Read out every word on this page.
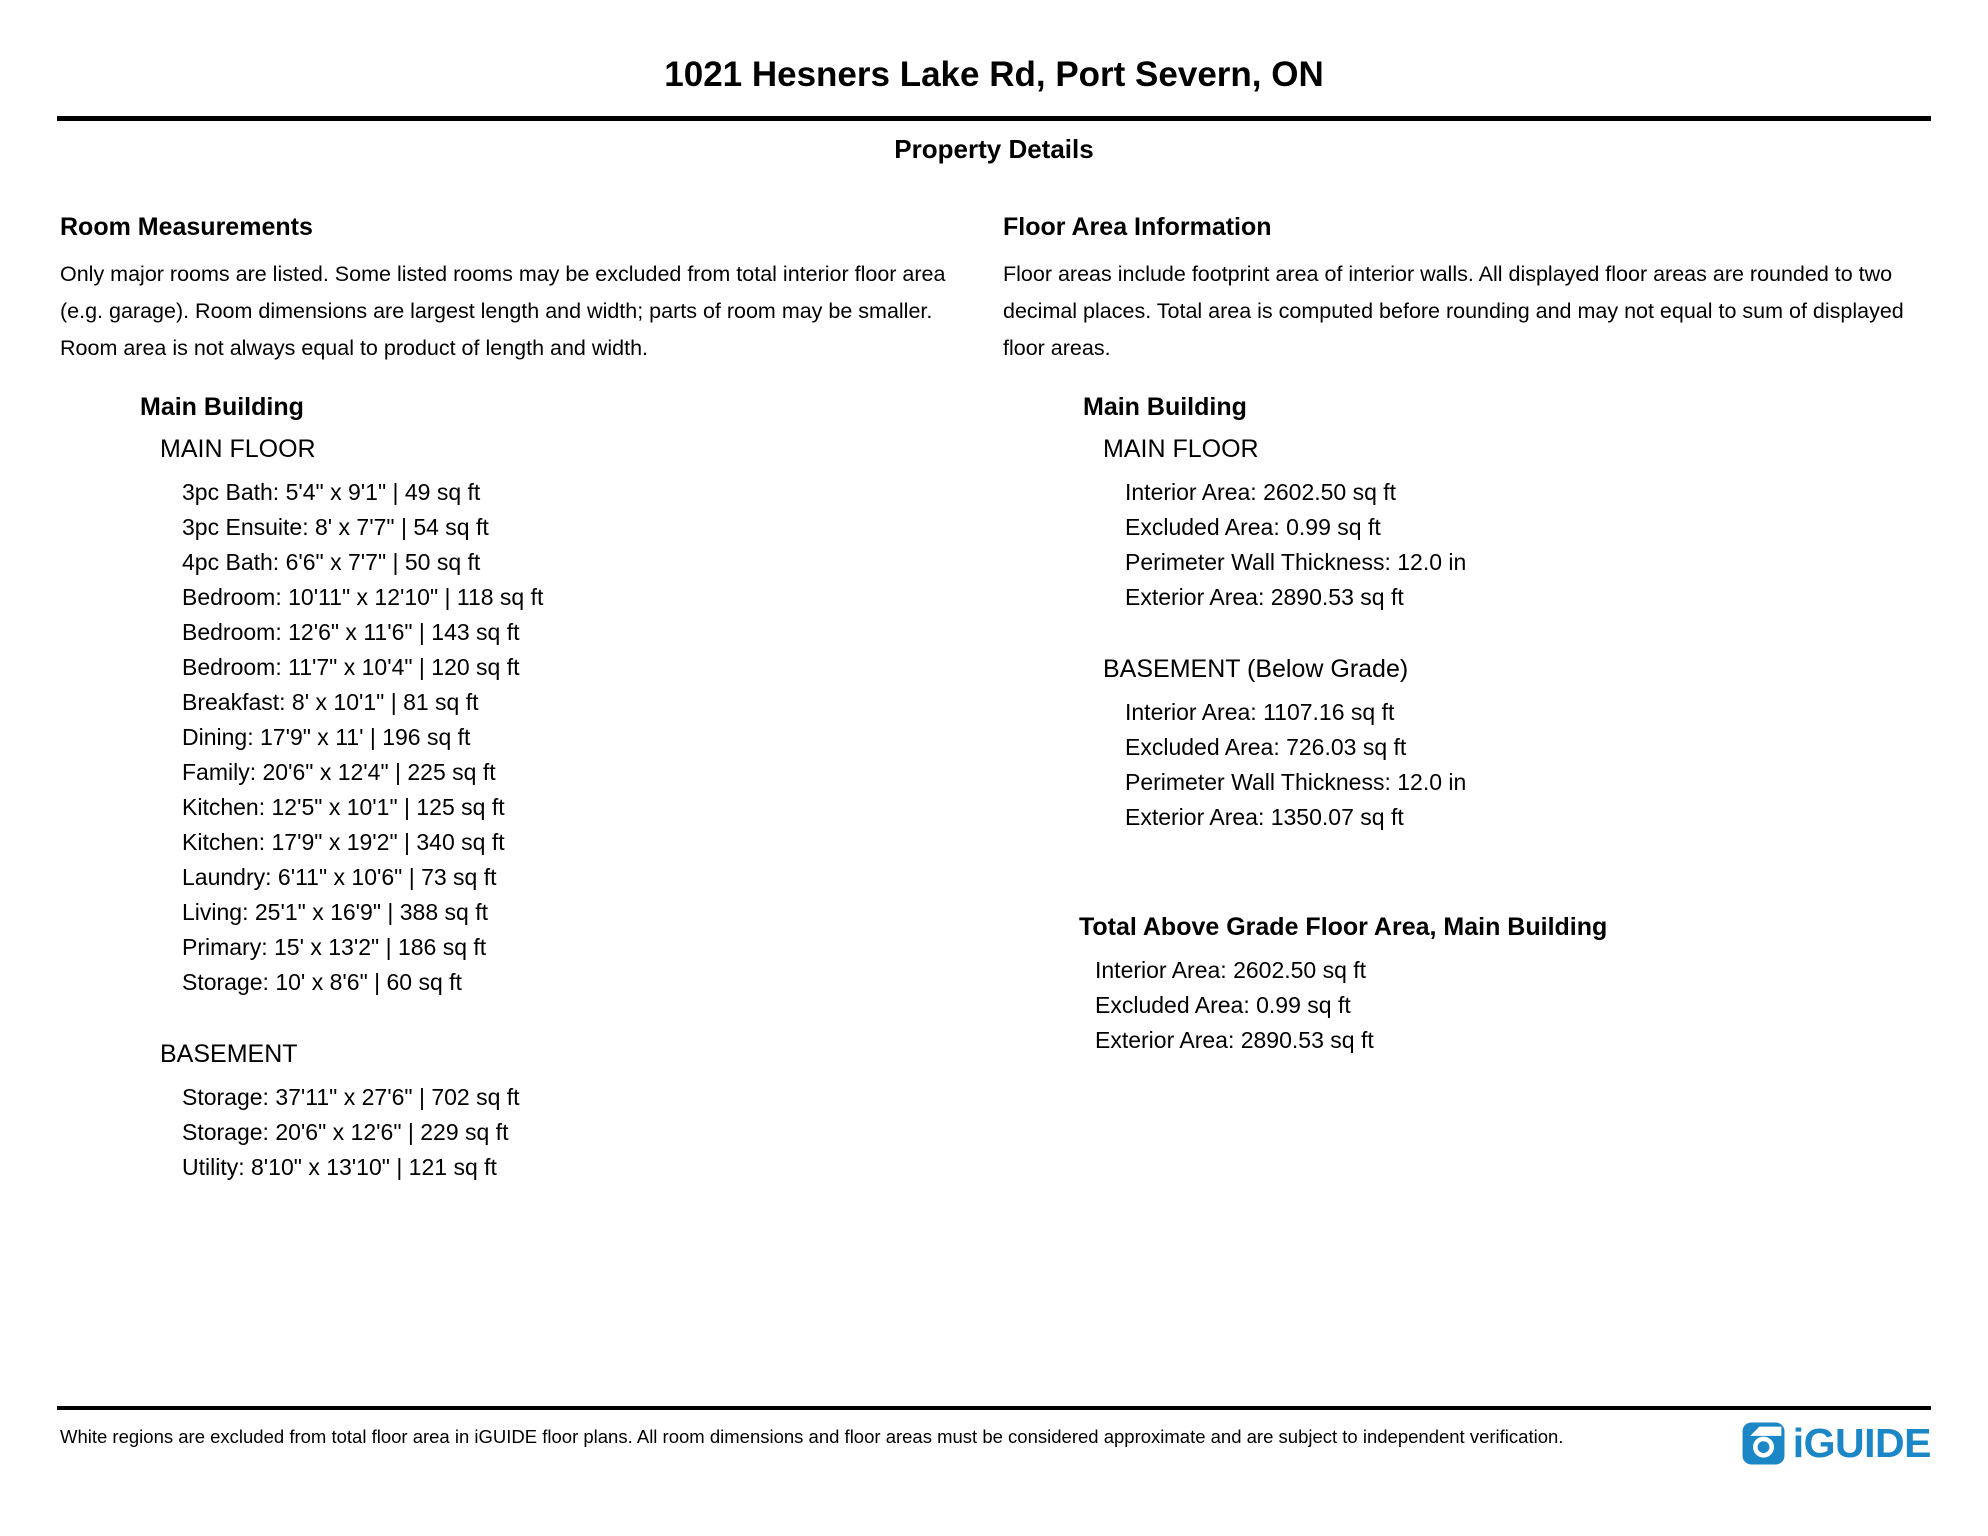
1021 Hesners Lake Rd, Port Severn, ON
Property Details
Room Measurements

Only major rooms are listed. Some listed rooms may be excluded from total interior floor area (e.g. garage). Room dimensions are largest length and width; parts of room may be smaller. Room area is not always equal to product of length and width.

Main Building
MAIN FLOOR
3pc Bath: 5'4" x 9'1" | 49 sq ft
3pc Ensuite: 8' x 7'7" | 54 sq ft
4pc Bath: 6'6" x 7'7" | 50 sq ft
Bedroom: 10'11" x 12'10" | 118 sq ft
Bedroom: 12'6" x 11'6" | 143 sq ft
Bedroom: 11'7" x 10'4" | 120 sq ft
Breakfast: 8' x 10'1" | 81 sq ft
Dining: 17'9" x 11' | 196 sq ft
Family: 20'6" x 12'4" | 225 sq ft
Kitchen: 12'5" x 10'1" | 125 sq ft
Kitchen: 17'9" x 19'2" | 340 sq ft
Laundry: 6'11" x 10'6" | 73 sq ft
Living: 25'1" x 16'9" | 388 sq ft
Primary: 15' x 13'2" | 186 sq ft
Storage: 10' x 8'6" | 60 sq ft
BASEMENT
Storage: 37'11" x 27'6" | 702 sq ft
Storage: 20'6" x 12'6" | 229 sq ft
Utility: 8'10" x 13'10" | 121 sq ft
Floor Area Information

Floor areas include footprint area of interior walls. All displayed floor areas are rounded to two decimal places. Total area is computed before rounding and may not equal to sum of displayed floor areas.

Main Building
MAIN FLOOR
Interior Area: 2602.50 sq ft
Excluded Area: 0.99 sq ft
Perimeter Wall Thickness: 12.0 in
Exterior Area: 2890.53 sq ft
BASEMENT (Below Grade)
Interior Area: 1107.16 sq ft
Excluded Area: 726.03 sq ft
Perimeter Wall Thickness: 12.0 in
Exterior Area: 1350.07 sq ft
Total Above Grade Floor Area, Main Building
Interior Area: 2602.50 sq ft
Excluded Area: 0.99 sq ft
Exterior Area: 2890.53 sq ft

White regions are excluded from total floor area in iGUIDE floor plans. All room dimensions and floor areas must be considered approximate and are subject to independent verification.	iGUIDE
